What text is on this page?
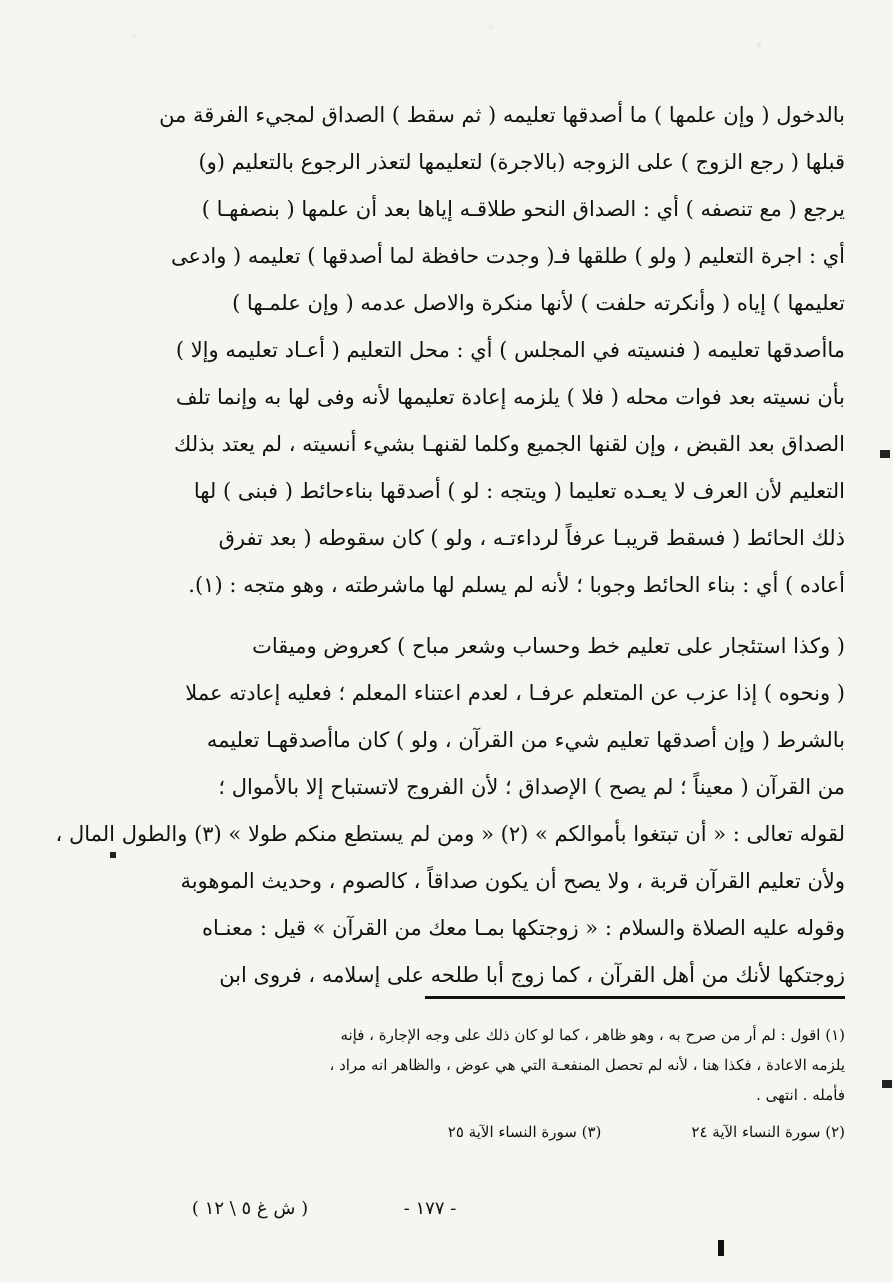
بالدخول ( وإن علمها ) ما أصدقها تعليمه ( ثم سقط ) الصداق لمجيء الفرقة من
قبلها ( رجع الزوج ) على الزوجه (بالاجرة) لتعليمها لتعذر الرجوع بالتعليم (و)
يرجع ( مع تنصفه ) أي : الصداق النحو طلاقـه إياها بعد أن علمها ( بنصفهـا )
أي : اجرة التعليم ( ولو ) طلقها فـ( وجدت حافظة لما أصدقها ) تعليمه ( وادعى
تعليمها ) إياه ( وأنكرته حلفت ) لأنها منكرة والاصل عدمه ( وإن علمـها )
ماأصدقها تعليمه ( فنسيته في المجلس ) أي : محل التعليم ( أعـاد تعليمه وإلا )
بأن نسيته بعد فوات محله ( فلا ) يلزمه إعادة تعليمها لأنه وفى لها به وإنما تلف
الصداق بعد القبض ، وإن لقنها الجميع وكلما لقنهـا بشيء أنسيته ، لم يعتد بذلك
التعليم لأن العرف لا يعـده تعليما ( ويتجه : لو ) أصدقها بناءحائط ( فبنى ) لها
ذلك الحائط ( فسقط قريبـا عرفاً لرداءتـه ، ولو ) كان سقوطه ( بعد تفرق
أعاده ) أي : بناء الحائط وجوبا ؛ لأنه لم يسلم لها ماشرطته ، وهو متجه : (١).
( وكذا استئجار على تعليم خط وحساب وشعر مباح ) كعروض وميقات
( ونحوه ) إذا عزب عن المتعلم عرفـا ، لعدم اعتناء المعلم ؛ فعليه إعادته عملا
بالشرط ( وإن أصدقها تعليم شيء من القرآن ، ولو ) كان ماأصدقهـا تعليمه
من القرآن ( معيناً ؛ لم يصح ) الإصداق ؛ لأن الفروج لاتستباح إلا بالأموال ؛
لقوله تعالى : « أن تبتغوا بأموالكم » (٢) « ومن لم يستطع منكم طولا » (٣) والطول المال ،
ولأن تعليم القرآن قربة ، ولا يصح أن يكون صداقاً ، كالصوم ، وحديث الموهوبة
وقوله عليه الصلاة والسلام : « زوجتكها بمـا معك من القرآن » قيل : معنـاه
زوجتكها لأنك من أهل القرآن ، كما زوج أبا طلحه على إسلامه ، فروى ابن
(١) اقول : لم أر من صرح به ، وهو ظاهر ، كما لو كان ذلك على وجه الإجارة ، فإنه
يلزمه الاعادة ، فكذا هنا ، لأنه لم تحصل المنفعـة التي هي عوض ، والظاهر انه مراد ،
فأمله . انتهى .
(٢) سورة النساء الآية ٢٤
(٣) سورة النساء الآية ٢٥
- ١٧٧ -
( ش غ ٥ \ ١٢ )
